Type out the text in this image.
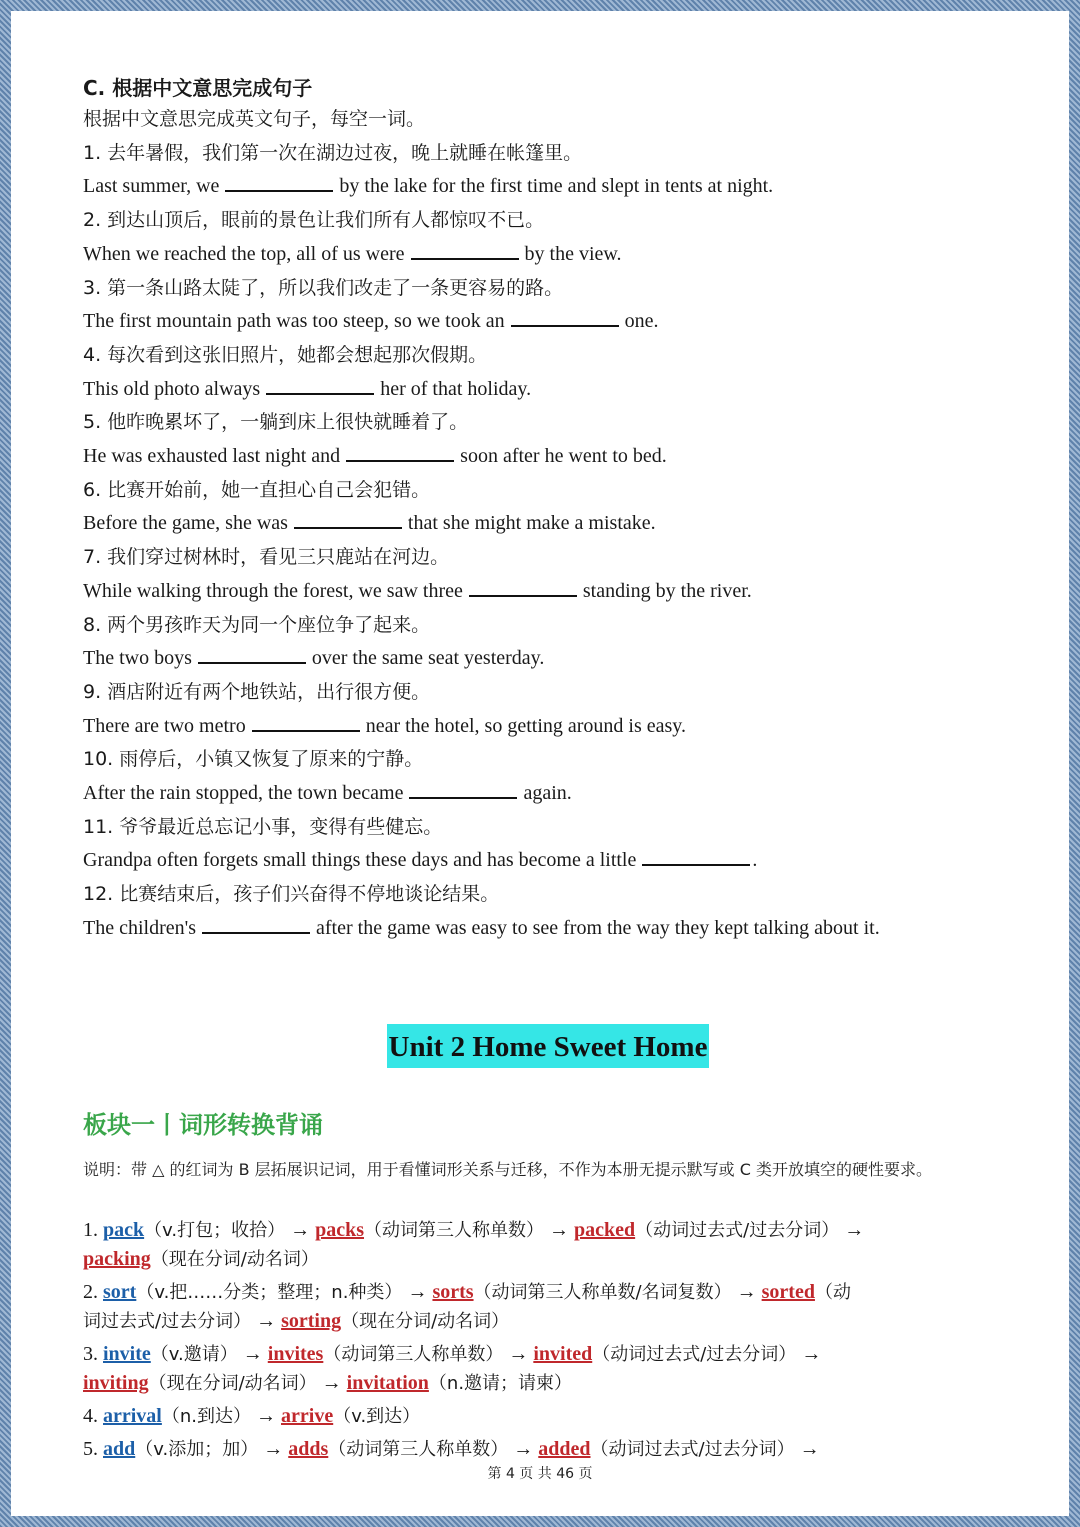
C. 根据中文意思完成句子

根据中文意思完成英文句子，每空一词。

1. 去年暑假，我们第一次在湖边过夜，晚上就睡在帐篷里。

Last summer, we	by the lake for the first time and slept in tents at night.

2. 到达山顶后，眼前的景色让我们所有人都惊叹不已。

When we reached the top, all of us were	by the view.

3. 第一条山路太陡了，所以我们改走了一条更容易的路。

The first mountain path was too steep, so we took an	one.

4. 每次看到这张旧照片，她都会想起那次假期。

This old photo always	her of that holiday.

5. 他昨晚累坏了，一躺到床上很快就睡着了。

He was exhausted last night and	soon after he went to bed.

6. 比赛开始前，她一直担心自己会犯错。

Before the game, she was	that she might make a mistake.

7. 我们穿过树林时，看见三只鹿站在河边。

While walking through the forest, we saw three	standing by the river.

8. 两个男孩昨天为同一个座位争了起来。

The two boys	over the same seat yesterday.

9. 酒店附近有两个地铁站，出行很方便。

There are two metro	near the hotel, so getting around is easy.

10. 雨停后，小镇又恢复了原来的宁静。

After the rain stopped, the town became	again.

11. 爷爷最近总忘记小事，变得有些健忘。

Grandpa often forgets small things these days and has become a little	.

12. 比赛结束后，孩子们兴奋得不停地谈论结果。

The children's	after the game was easy to see from the way they kept talking about it.

Unit 2 Home Sweet Home
板块一丨词形转换背诵
说明：带 △ 的红词为 B 层拓展识记词，用于看懂词形关系与迁移，不作为本册无提示默写或 C 类开放填空的硬性要求。

1. pack（v.打包；收拾） → packs（动词第三人称单数） → packed（动词过去式/过去分词） →

packing（现在分词/动名词）

2. sort（v.把……分类；整理；n.种类） → sorts（动词第三人称单数/名词复数） → sorted（动

词过去式/过去分词） → sorting（现在分词/动名词）

3. invite（v.邀请） → invites（动词第三人称单数） → invited（动词过去式/过去分词） →

inviting（现在分词/动名词） → invitation（n.邀请；请柬）

4. arrival（n.到达） → arrive（v.到达）

5. add（v.添加；加） → adds（动词第三人称单数） → added（动词过去式/过去分词） →

第 4 页 共 46 页
